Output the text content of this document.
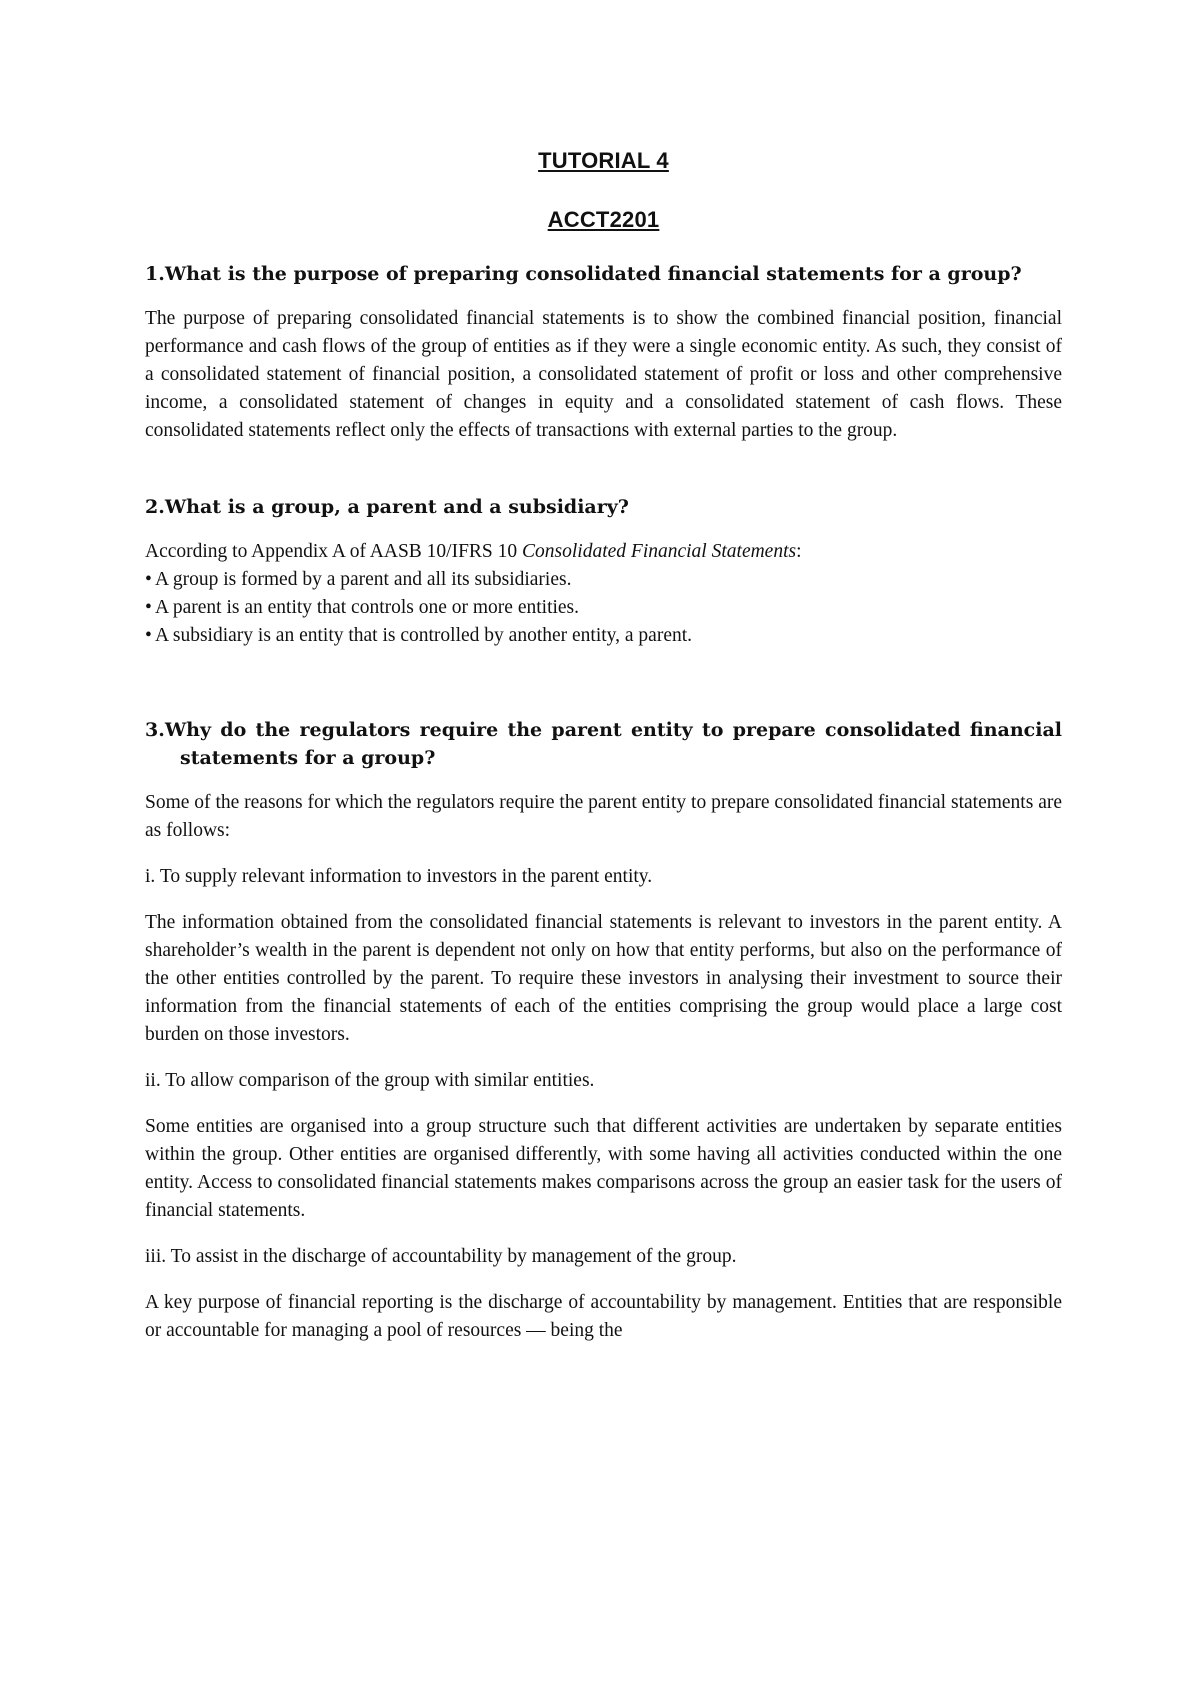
TUTORIAL 4
ACCT2201
1.What is the purpose of preparing consolidated financial statements for a group?
The purpose of preparing consolidated financial statements is to show the combined financial position, financial performance and cash flows of the group of entities as if they were a single economic entity. As such, they consist of a consolidated statement of financial position, a consolidated statement of profit or loss and other comprehensive income, a consolidated statement of changes in equity and a consolidated statement of cash flows. These consolidated statements reflect only the effects of transactions with external parties to the group.
2.What is a group, a parent and a subsidiary?
According to Appendix A of AASB 10/IFRS 10 Consolidated Financial Statements:
• A group is formed by a parent and all its subsidiaries.
• A parent is an entity that controls one or more entities.
• A subsidiary is an entity that is controlled by another entity, a parent.
3.Why do the regulators require the parent entity to prepare consolidated financial statements for a group?
Some of the reasons for which the regulators require the parent entity to prepare consolidated financial statements are as follows:
i. To supply relevant information to investors in the parent entity.
The information obtained from the consolidated financial statements is relevant to investors in the parent entity. A shareholder’s wealth in the parent is dependent not only on how that entity performs, but also on the performance of the other entities controlled by the parent. To require these investors in analysing their investment to source their information from the financial statements of each of the entities comprising the group would place a large cost burden on those investors.
ii. To allow comparison of the group with similar entities.
Some entities are organised into a group structure such that different activities are undertaken by separate entities within the group. Other entities are organised differently, with some having all activities conducted within the one entity. Access to consolidated financial statements makes comparisons across the group an easier task for the users of financial statements.
iii. To assist in the discharge of accountability by management of the group.
A key purpose of financial reporting is the discharge of accountability by management. Entities that are responsible or accountable for managing a pool of resources — being the
